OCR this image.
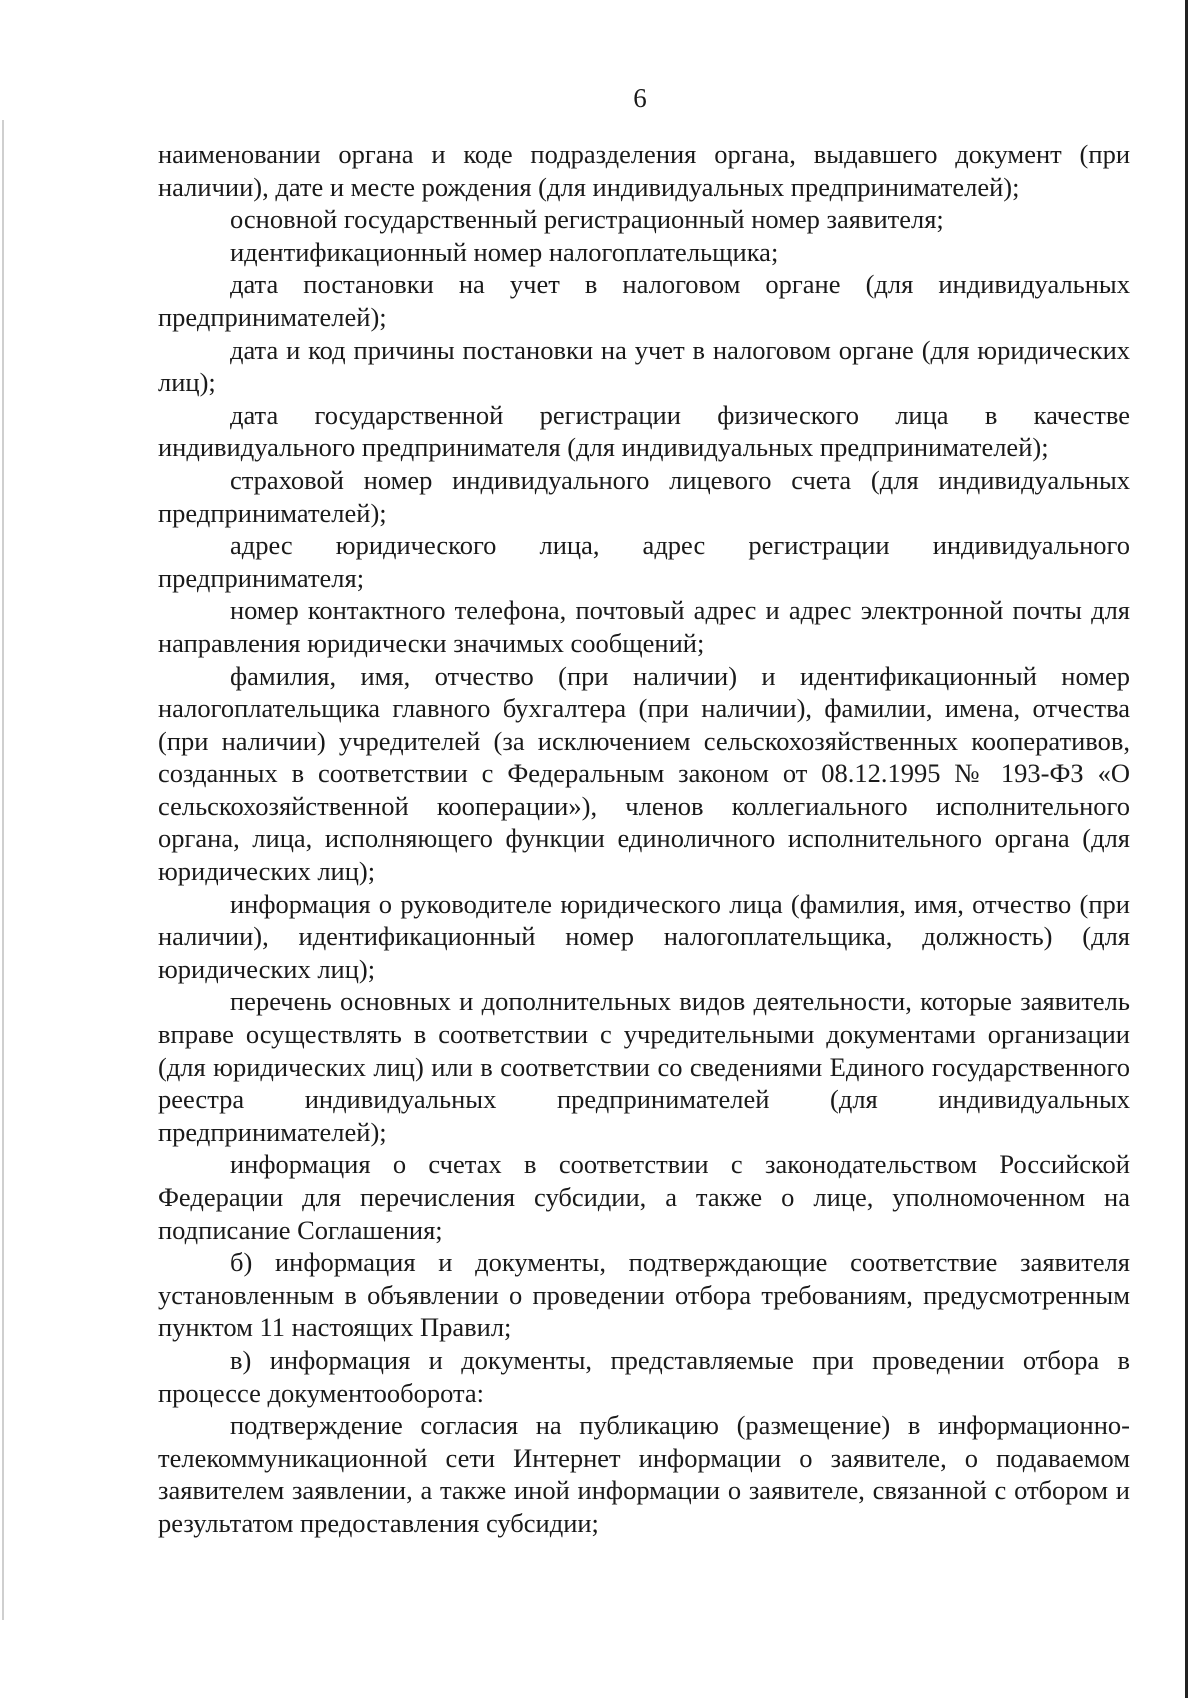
6

наименовании органа и коде подразделения органа, выдавшего документ (при наличии), дате и месте рождения (для индивидуальных предпринимателей);

основной государственный регистрационный номер заявителя;

идентификационный номер налогоплательщика;

дата постановки на учет в налоговом органе (для индивидуальных предпринимателей);

дата и код причины постановки на учет в налоговом органе (для юридических лиц);

дата государственной регистрации физического лица в качестве индивидуального предпринимателя (для индивидуальных предпринимателей);

страховой номер индивидуального лицевого счета (для индивидуальных предпринимателей);

адрес юридического лица, адрес регистрации индивидуального предпринимателя;

номер контактного телефона, почтовый адрес и адрес электронной почты для направления юридически значимых сообщений;

фамилия, имя, отчество (при наличии) и идентификационный номер налогоплательщика главного бухгалтера (при наличии), фамилии, имена, отчества (при наличии) учредителей (за исключением сельскохозяйственных кооперативов, созданных в соответствии с Федеральным законом от 08.12.1995 № 193-ФЗ «О сельскохозяйственной кооперации»), членов коллегиального исполнительного органа, лица, исполняющего функции единоличного исполнительного органа (для юридических лиц);

информация о руководителе юридического лица (фамилия, имя, отчество (при наличии), идентификационный номер налогоплательщика, должность) (для юридических лиц);

перечень основных и дополнительных видов деятельности, которые заявитель вправе осуществлять в соответствии с учредительными документами организации (для юридических лиц) или в соответствии со сведениями Единого государственного реестра индивидуальных предпринимателей (для индивидуальных предпринимателей);

информация о счетах в соответствии с законодательством Российской Федерации для перечисления субсидии, а также о лице, уполномоченном на подписание Соглашения;

б) информация и документы, подтверждающие соответствие заявителя установленным в объявлении о проведении отбора требованиям, предусмотренным пунктом 11 настоящих Правил;

в) информация и документы, представляемые при проведении отбора в процессе документооборота:

подтверждение согласия на публикацию (размещение) в информационно-телекоммуникационной сети Интернет информации о заявителе, о подаваемом заявителем заявлении, а также иной информации о заявителе, связанной с отбором и результатом предоставления субсидии;
